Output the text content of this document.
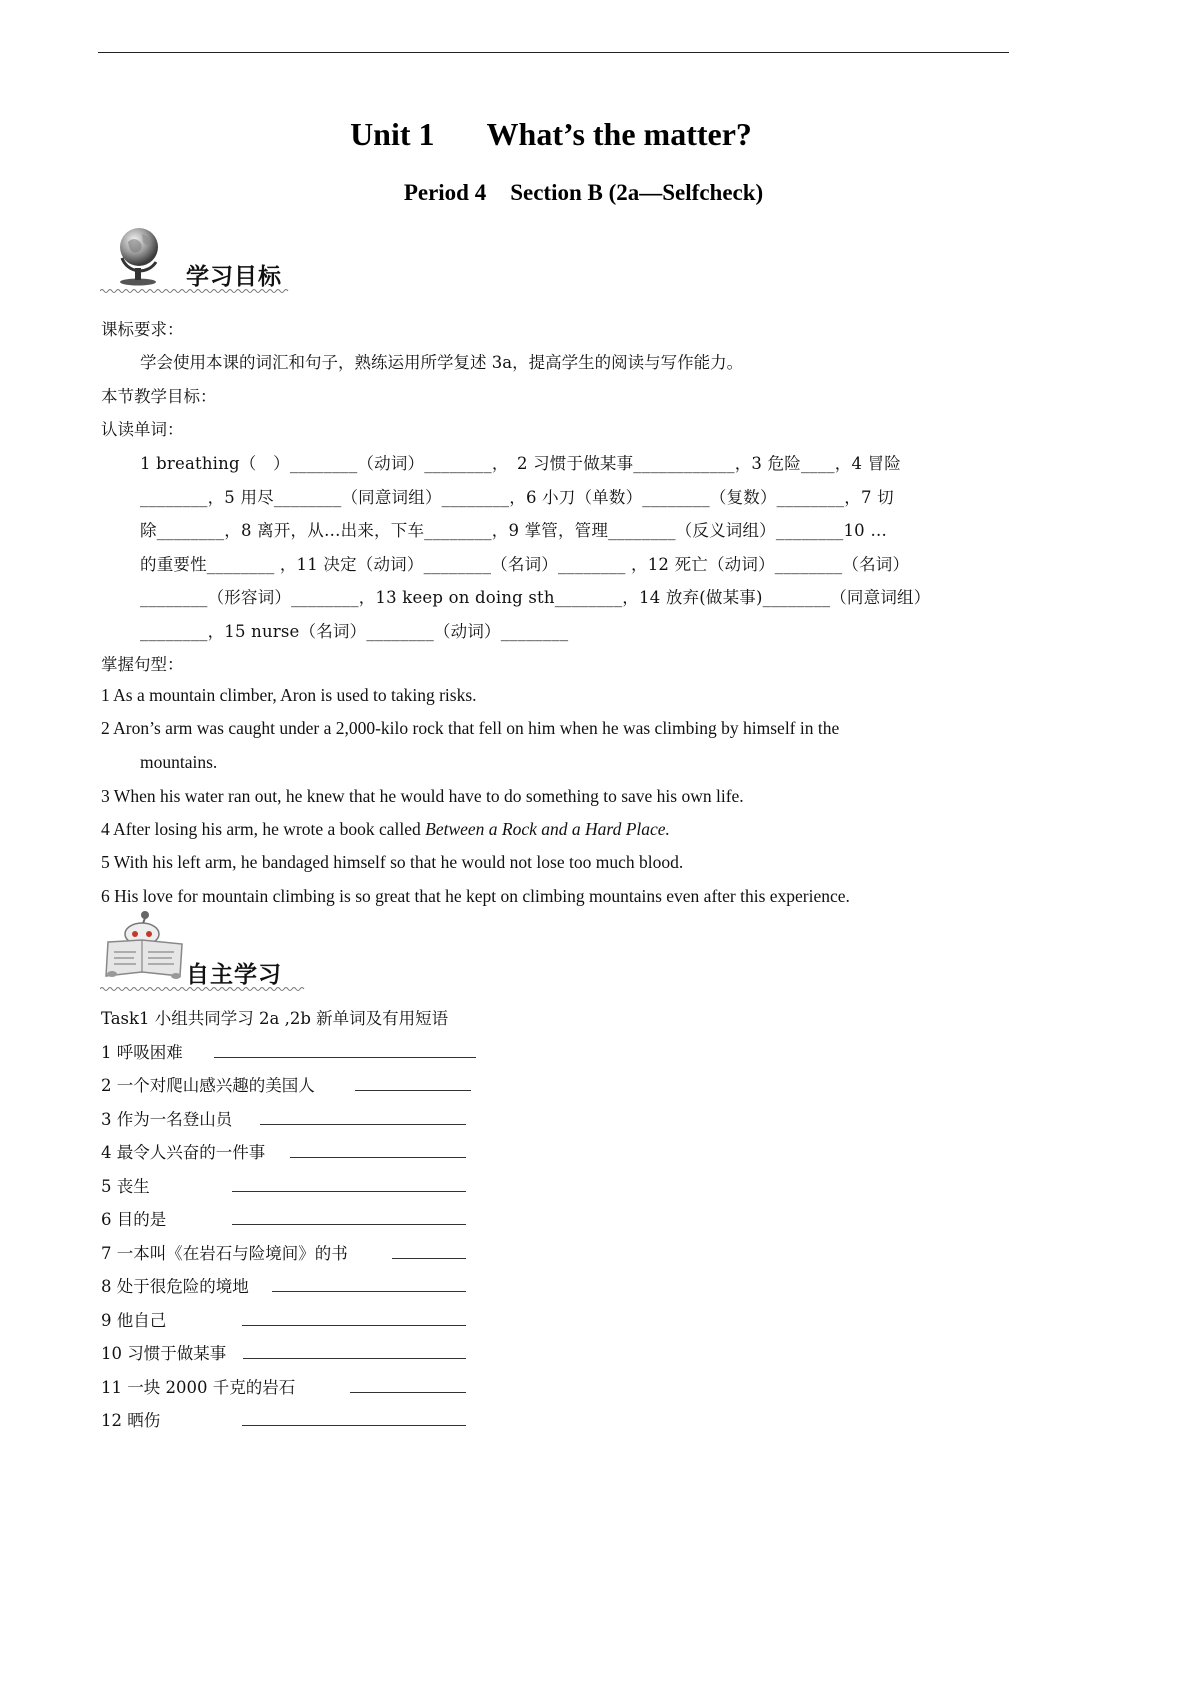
Unit 1 What’s the matter?
Period 4 Section B (2a—Selfcheck)
学习目标
课标要求：
学会使用本课的词汇和句子，熟练运用所学复述 3a，提高学生的阅读与写作能力。
本节教学目标：
认读单词：
1 breathing（　）________（动词）________，　2 习惯于做某事____________，3 危险____，4 冒险
________，5 用尽________（同意词组）________，6 小刀（单数）________（复数）________，7 切
除________，8 离开，从…出来，下车________，9 掌管，管理________（反义词组）________10 …
的重要性________ ，11 决定（动词）________（名词）________ ，12 死亡（动词）________（名词）
________（形容词）________，13 keep on doing sth________，14 放弃(做某事)________（同意词组）
________，15 nurse（名词）________（动词）________
掌握句型：
1 As a mountain climber, Aron is used to taking risks.
2 Aron’s arm was caught under a 2,000-kilo rock that fell on him when he was climbing by himself in the
mountains.
3 When his water ran out, he knew that he would have to do something to save his own life.
4 After losing his arm, he wrote a book called Between a Rock and a Hard Place.
5 With his left arm, he bandaged himself so that he would not lose too much blood.
6 His love for mountain climbing is so great that he kept on climbing mountains even after this experience.
自主学习
Task1 小组共同学习 2a ,2b 新单词及有用短语
1 呼吸困难
2 一个对爬山感兴趣的美国人
3 作为一名登山员
4 最令人兴奋的一件事
5 丧生
6 目的是
7 一本叫《在岩石与险境间》的书
8 处于很危险的境地
9 他自己
10 习惯于做某事
11 一块 2000 千克的岩石
12 晒伤
